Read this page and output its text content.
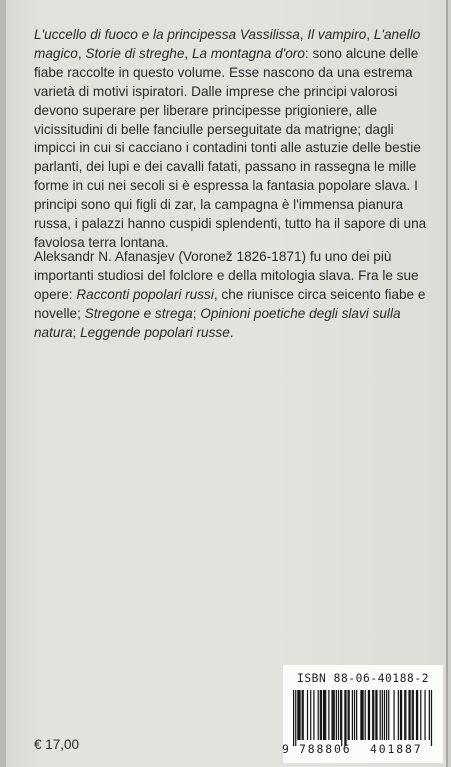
L'uccello di fuoco e la principessa Vassilissa, Il vampiro, L'anello magico, Storie di streghe, La montagna d'oro: sono alcune delle fiabe raccolte in questo volume. Esse nascono da una estrema varietà di motivi ispiratori. Dalle imprese che principi valorosi devono superare per liberare principesse prigioniere, alle vicissitudini di belle fanciulle perseguitate da matrigne; dagli impicci in cui si cacciano i contadini tonti alle astuzie delle bestie parlanti, dei lupi e dei cavalli fatati, passano in rassegna le mille forme in cui nei secoli si è espressa la fantasia popolare slava. I principi sono qui figli di zar, la campagna è l'immensa pianura russa, i palazzi hanno cuspidi splendenti, tutto ha il sapore di una favolosa terra lontana.

Aleksandr N. Afanasjev (Voronež 1826-1871) fu uno dei più importanti studiosi del folclore e della mitologia slava. Fra le sue opere: Racconti popolari russi, che riunisce circa seicento fiabe e novelle; Stregone e strega; Opinioni poetiche degli slavi sulla natura; Leggende popolari russe.

€ 17,00
ISBN 88-06-40188-2
9 788806 401887
